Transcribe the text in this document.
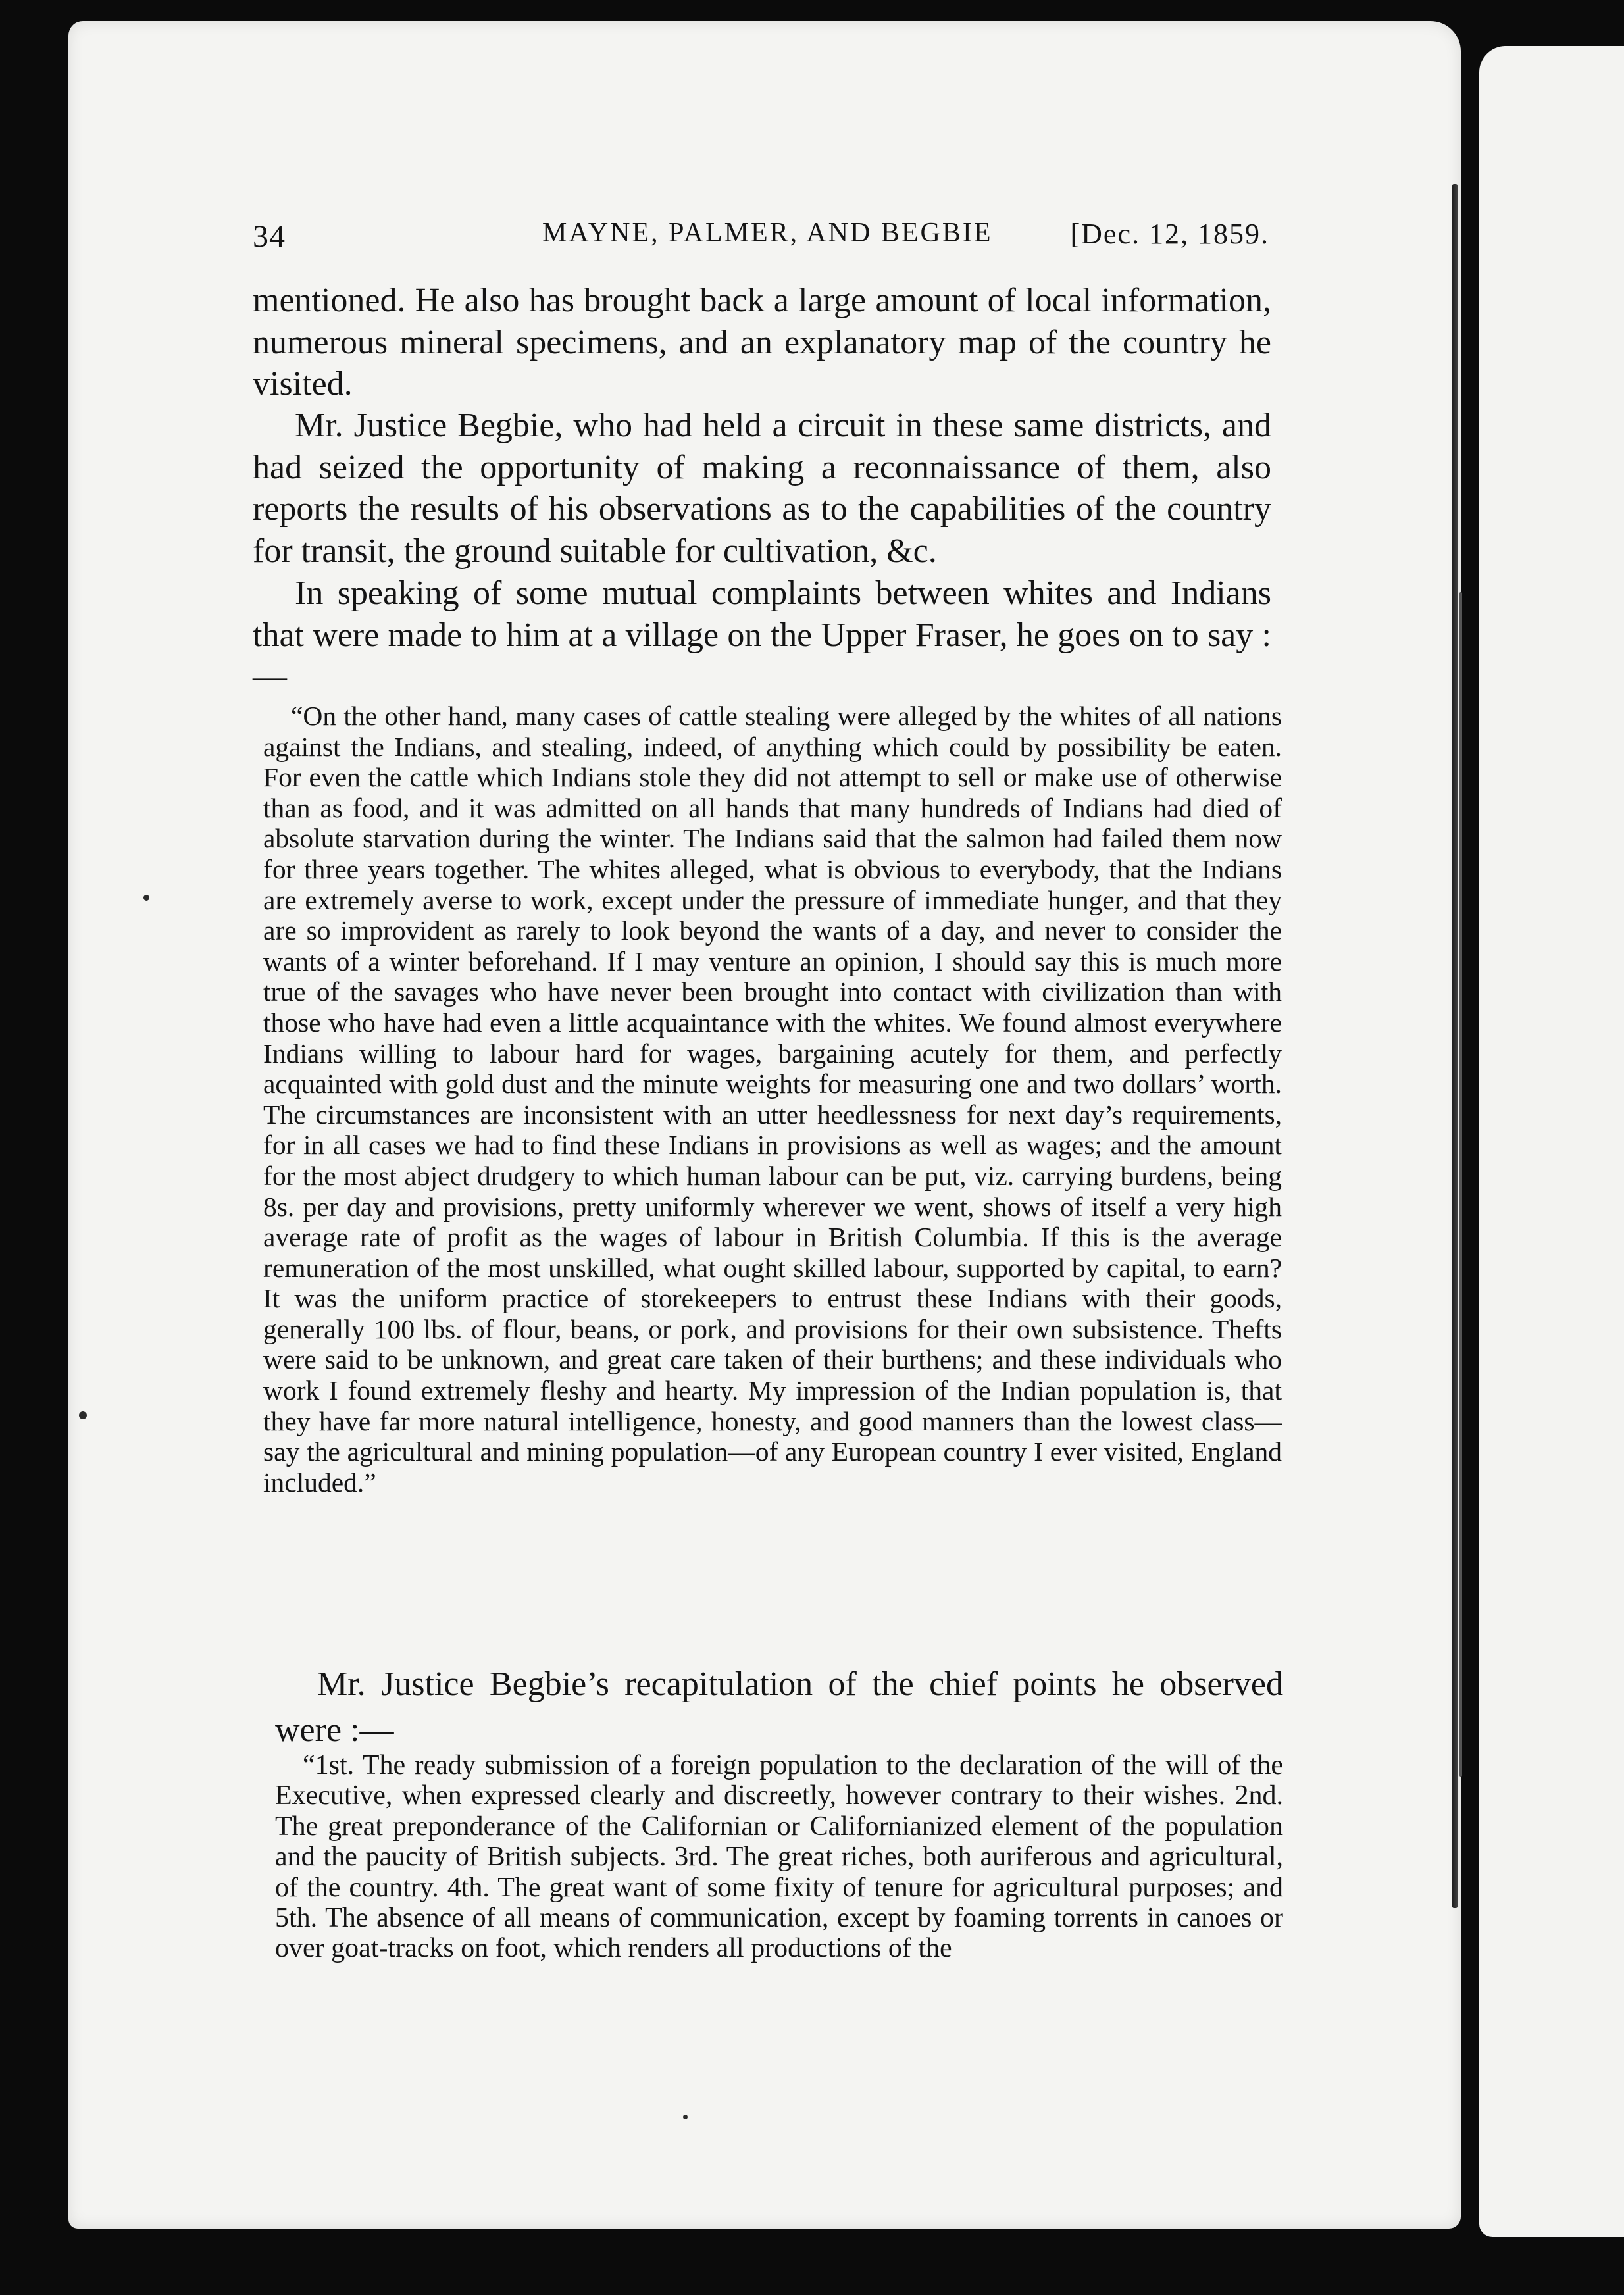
34	MAYNE, PALMER, AND BEGBIE	[Dec. 12, 1859.

mentioned. He also has brought back a large amount of local information, numerous mineral specimens, and an explanatory map of the country he visited.

Mr. Justice Begbie, who had held a circuit in these same districts, and had seized the opportunity of making a reconnaissance of them, also reports the results of his observations as to the capabilities of the country for transit, the ground suitable for cultivation, &c.

In speaking of some mutual complaints between whites and Indians that were made to him at a village on the Upper Fraser, he goes on to say :—

“On the other hand, many cases of cattle stealing were alleged by the whites of all nations against the Indians, and stealing, indeed, of anything which could by possibility be eaten. For even the cattle which Indians stole they did not attempt to sell or make use of otherwise than as food, and it was admitted on all hands that many hundreds of Indians had died of absolute starvation during the winter. The Indians said that the salmon had failed them now for three years together. The whites alleged, what is obvious to everybody, that the Indians are extremely averse to work, except under the pressure of immediate hunger, and that they are so improvident as rarely to look beyond the wants of a day, and never to consider the wants of a winter beforehand. If I may venture an opinion, I should say this is much more true of the savages who have never been brought into contact with civilization than with those who have had even a little acquaintance with the whites. We found almost everywhere Indians willing to labour hard for wages, bargaining acutely for them, and perfectly acquainted with gold dust and the minute weights for measuring one and two dollars’ worth. The circumstances are inconsistent with an utter heedlessness for next day’s requirements, for in all cases we had to find these Indians in provisions as well as wages; and the amount for the most abject drudgery to which human labour can be put, viz. carrying burdens, being 8s. per day and provisions, pretty uniformly wherever we went, shows of itself a very high average rate of profit as the wages of labour in British Columbia. If this is the average remuneration of the most unskilled, what ought skilled labour, supported by capital, to earn? It was the uniform practice of storekeepers to entrust these Indians with their goods, generally 100 lbs. of flour, beans, or pork, and provisions for their own subsistence. Thefts were said to be unknown, and great care taken of their burthens; and these individuals who work I found extremely fleshy and hearty. My impression of the Indian population is, that they have far more natural intelligence, honesty, and good manners than the lowest class—say the agricultural and mining population—of any European country I ever visited, England included.”

Mr. Justice Begbie’s recapitulation of the chief points he observed were :—

“1st. The ready submission of a foreign population to the declaration of the will of the Executive, when expressed clearly and discreetly, however contrary to their wishes. 2nd. The great preponderance of the Californian or Californianized element of the population and the paucity of British subjects. 3rd. The great riches, both auriferous and agricultural, of the country. 4th. The great want of some fixity of tenure for agricultural purposes; and 5th. The absence of all means of communication, except by foaming torrents in canoes or over goat-tracks on foot, which renders all productions of the
